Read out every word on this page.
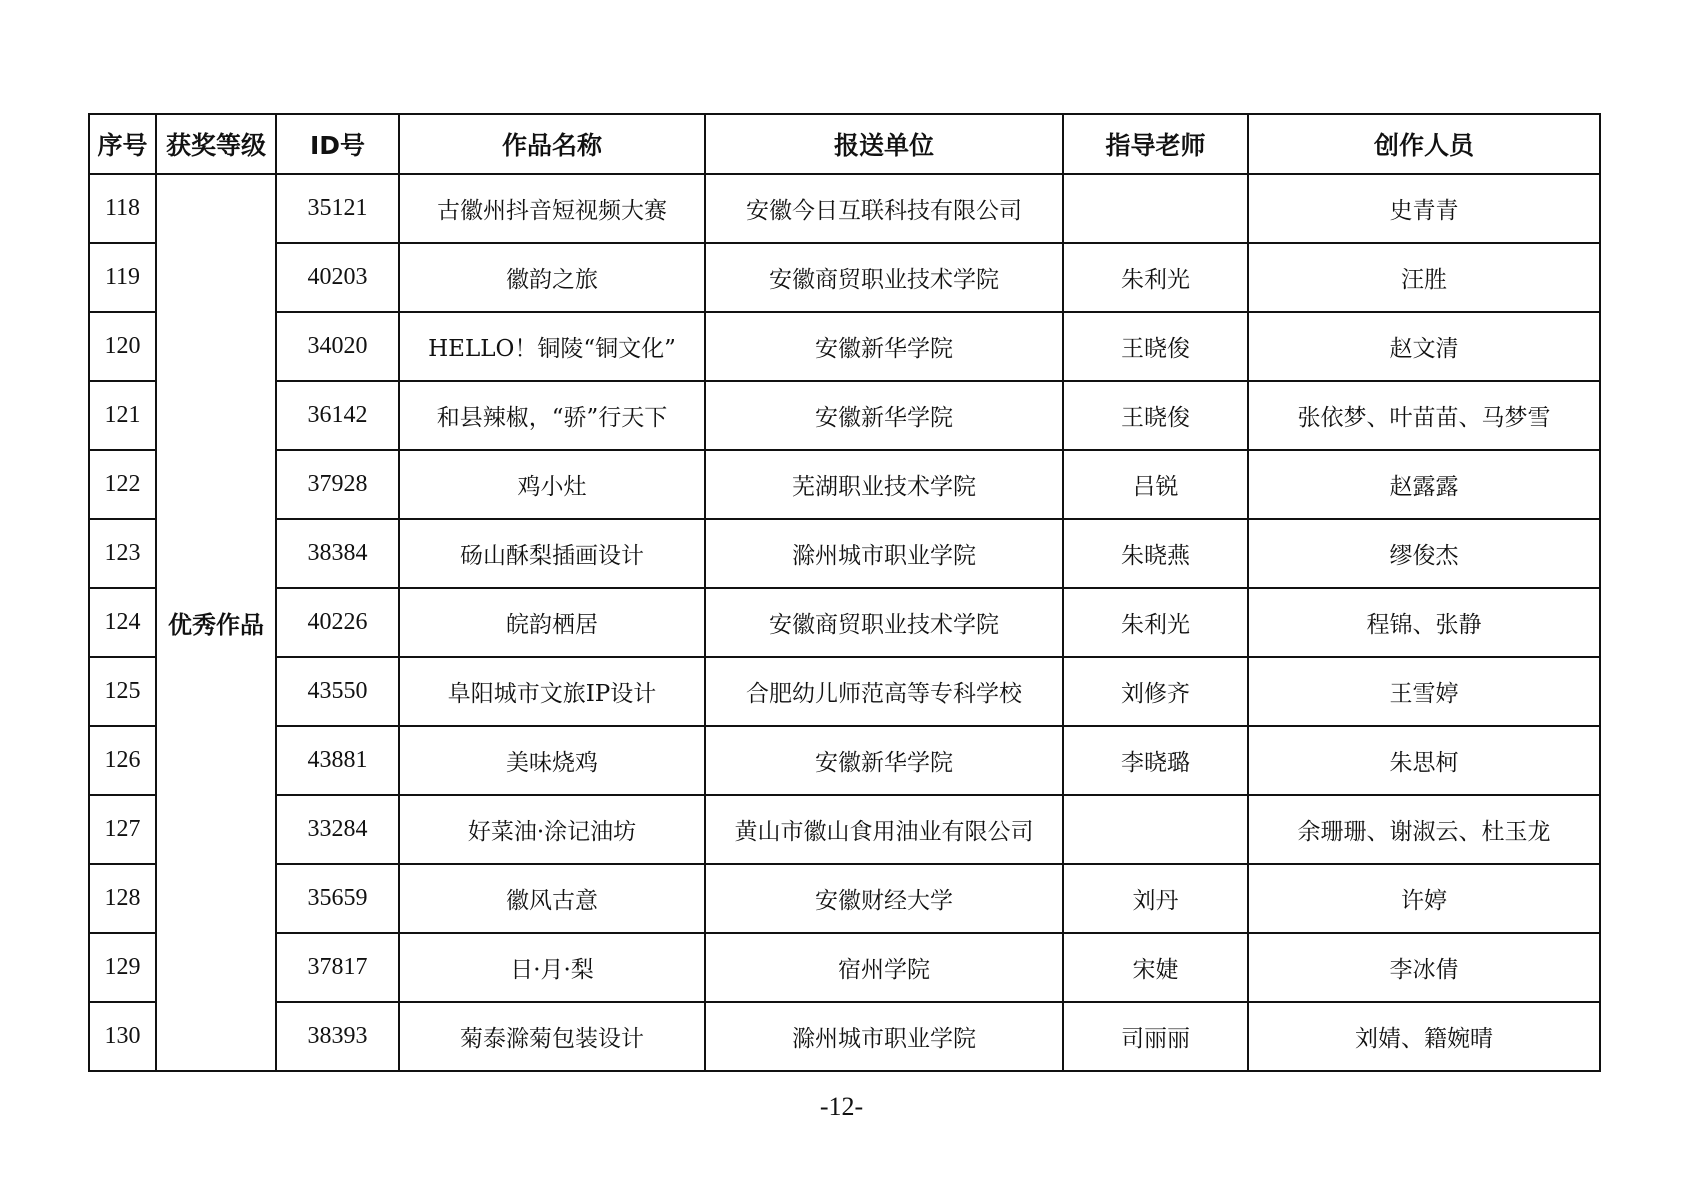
序号	获奖等级	ID号	作品名称	报送单位	指导老师	创作人员
118	优秀作品	35121	古徽州抖音短视频大赛	安徽今日互联科技有限公司		史青青
119		40203	徽韵之旅	安徽商贸职业技术学院	朱利光	汪胜
120		34020	HELLO！铜陵“铜文化”	安徽新华学院	王晓俊	赵文清
121		36142	和县辣椒，“骄”行天下	安徽新华学院	王晓俊	张依梦、叶苗苗、马梦雪
122		37928	鸡小灶	芜湖职业技术学院	吕锐	赵露露
123		38384	砀山酥梨插画设计	滁州城市职业学院	朱晓燕	缪俊杰
124		40226	皖韵栖居	安徽商贸职业技术学院	朱利光	程锦、张静
125		43550	阜阳城市文旅IP设计	合肥幼儿师范高等专科学校	刘修齐	王雪婷
126		43881	美味烧鸡	安徽新华学院	李晓璐	朱思柯
127		33284	好菜油·涂记油坊	黄山市徽山食用油业有限公司		余珊珊、谢淑云、杜玉龙
128		35659	徽风古意	安徽财经大学	刘丹	许婷
129		37817	日·月·梨	宿州学院	宋婕	李冰倩
130		38393	菊泰滁菊包装设计	滁州城市职业学院	司丽丽	刘婧、籍婉晴
-12-
